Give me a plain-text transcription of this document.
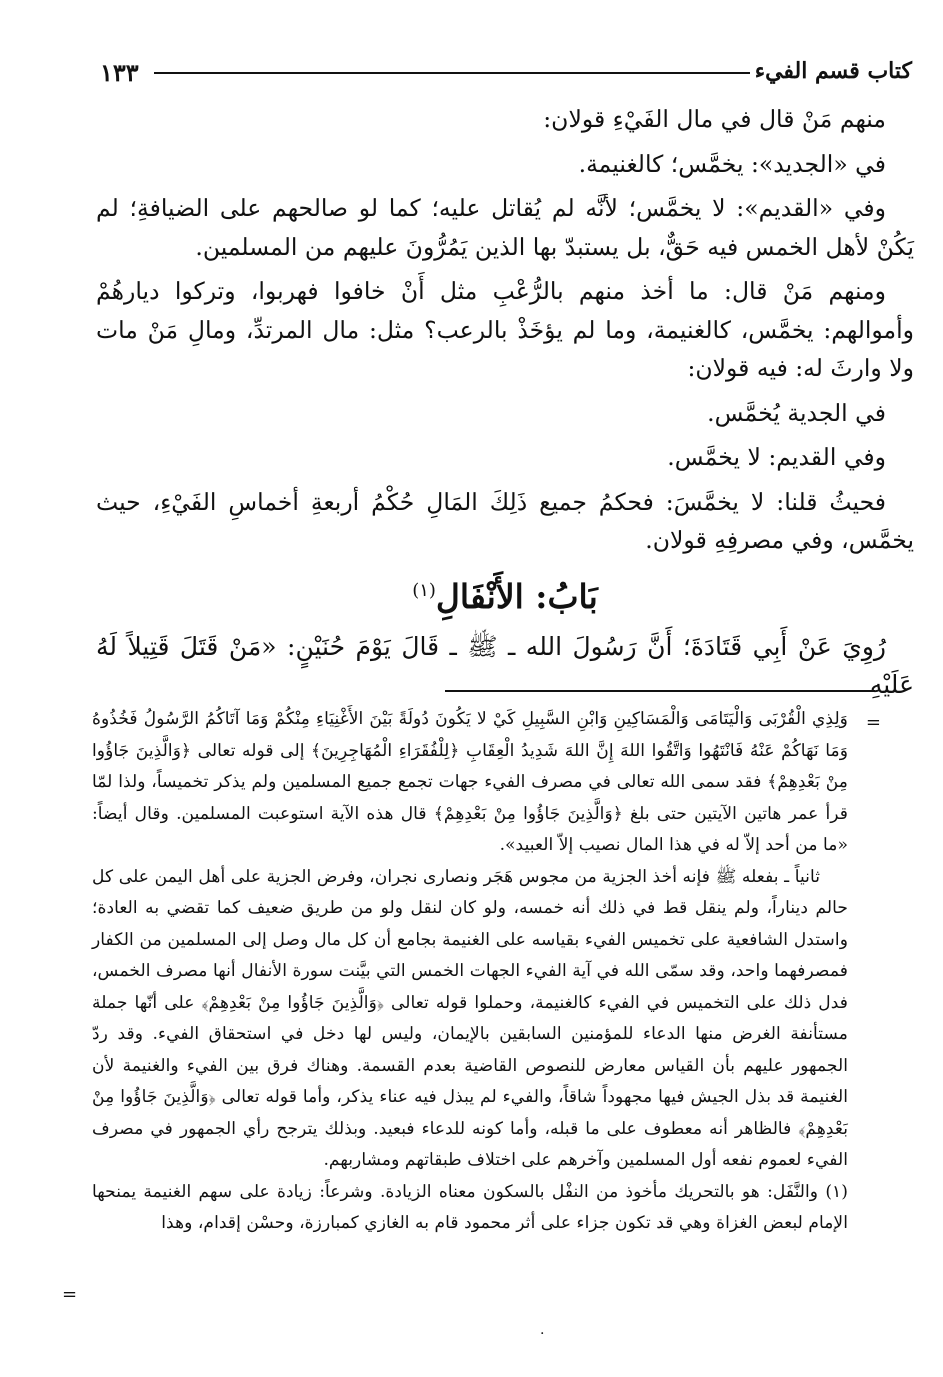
١٣٣	كتاب قسم الفيء

منهم مَنْ قال في مال الفَيْءِ قولان:

في «الجديد»: يخمَّس؛ كالغنيمة.

وفي «القديم»: لا يخمَّس؛ لأنَّه لم يُقاتل عليه؛ كما لو صالحهم على الضيافةِ؛ لم يَكُنْ لأهل الخمس فيه حَقٌّ، بل يستبدّ بها الذين يَمُرُّونَ عليهم من المسلمين.

ومنهم مَنْ قال: ما أخذ منهم بالرُّعْبِ مثل أَنْ خافوا فهربوا، وتركوا ديارهُمْ وأموالهم: يخمَّس، كالغنيمة، وما لم يؤخَذْ بالرعب؟ مثل: مال المرتدِّ، ومالِ مَنْ مات ولا وارثَ له: فيه قولان:

في الجدية يُخمَّس.

وفي القديم: لا يخمَّس.

فحيثُ قلنا: لا يخمَّسَ: فحكمُ جميع ذَلِكَ المَالِ حُكْمُ أربعةِ أخماسِ الفَيْءِ، حيث يخمَّس، وفي مصرفِهِ قولان.

بَابُ: الأَنْفَالِ$^{(١)}$

رُوِيَ عَنْ أَبِي قَتَادَةَ؛ أَنَّ رَسُولَ الله ـ ﷺ ـ قَالَ يَوْمَ حُنَيْنٍ: «مَنْ قَتَلَ قَتِيلاً لَهُ عَلَيْهِ

=

وَلِذِي الْقُرْبَى وَالْيَتَامَى وَالْمَسَاكِينِ وَابْنِ السَّبِيلِ كَيْ لا يَكُونَ دُولَةً بَيْنَ الأَغْنِيَاءِ مِنْكُمْ وَمَا آتَاكُمُ الرَّسُولُ فَخُذُوهُ وَمَا نَهَاكُمْ عَنْهُ فَانْتَهُوا وَاتَّقُوا اللهَ إِنَّ اللهَ شَدِيدُ الْعِقَابِ ﴿لِلْفُقَرَاءِ الْمُهَاجِرِينَ﴾ إلى قوله تعالى ﴿وَالَّذِينَ جَاؤُوا مِنْ بَعْدِهِمْ﴾ فقد سمى الله تعالى في مصرف الفيء جهات تجمع جميع المسلمين ولم يذكر تخميساً، ولذا لمّا قرأ عمر هاتين الآيتين حتى بلغ ﴿وَالَّذِينَ جَاؤُوا مِنْ بَعْدِهِمْ﴾ قال هذه الآية استوعبت المسلمين. وقال أيضاً: «ما من أحد إلاّ له في هذا المال نصيب إلاّ العبيد».

ثانياً ـ بفعله ﷺ فإنه أخذ الجزية من مجوس هَجَر ونصارى نجران، وفرض الجزية على أهل اليمن على كل حالم ديناراً، ولم ينقل قط في ذلك أنه خمسه، ولو كان لنقل ولو من طريق ضعيف كما تقضي به العادة؛ واستدل الشافعية على تخميس الفيء بقياسه على الغنيمة بجامع أن كل مال وصل إلى المسلمين من الكفار فمصرفهما واحد، وقد سمّى الله في آية الفيء الجهات الخمس التي بيَّنت سورة الأنفال أنها مصرف الخمس، فدل ذلك على التخميس في الفيء كالغنيمة، وحملوا قوله تعالى ﴿وَالَّذِينَ جَاؤُوا مِنْ بَعْدِهِمْ﴾ على أنّها جملة مستأنفة الغرض منها الدعاء للمؤمنين السابقين بالإيمان، وليس لها دخل في استحقاق الفيء. وقد ردّ الجمهور عليهم بأن القياس معارض للنصوص القاضية بعدم القسمة. وهناك فرق بين الفيء والغنيمة لأن الغنيمة قد بذل الجيش فيها مجهوداً شاقاً، والفيء لم يبذل فيه عناء يذكر، وأما قوله تعالى ﴿وَالَّذِينَ جَاؤُوا مِنْ بَعْدِهِمْ﴾ فالظاهر أنه معطوف على ما قبله، وأما كونه للدعاء فبعيد. وبذلك يترجح رأي الجمهور في مصرف الفيء لعموم نفعه أول المسلمين وآخرهم على اختلاف طبقاتهم ومشاربهم.

(١) والنَّفَل: هو بالتحريك مأخوذ من النفْل بالسكون معناه الزيادة. وشرعاً: زيادة على سهم الغنيمة يمنحها الإمام لبعض الغزاة وهي قد تكون جزاء على أثر محمود قام به الغازي كمبارزة، وحسْن إقدام، وهذا

=
.
